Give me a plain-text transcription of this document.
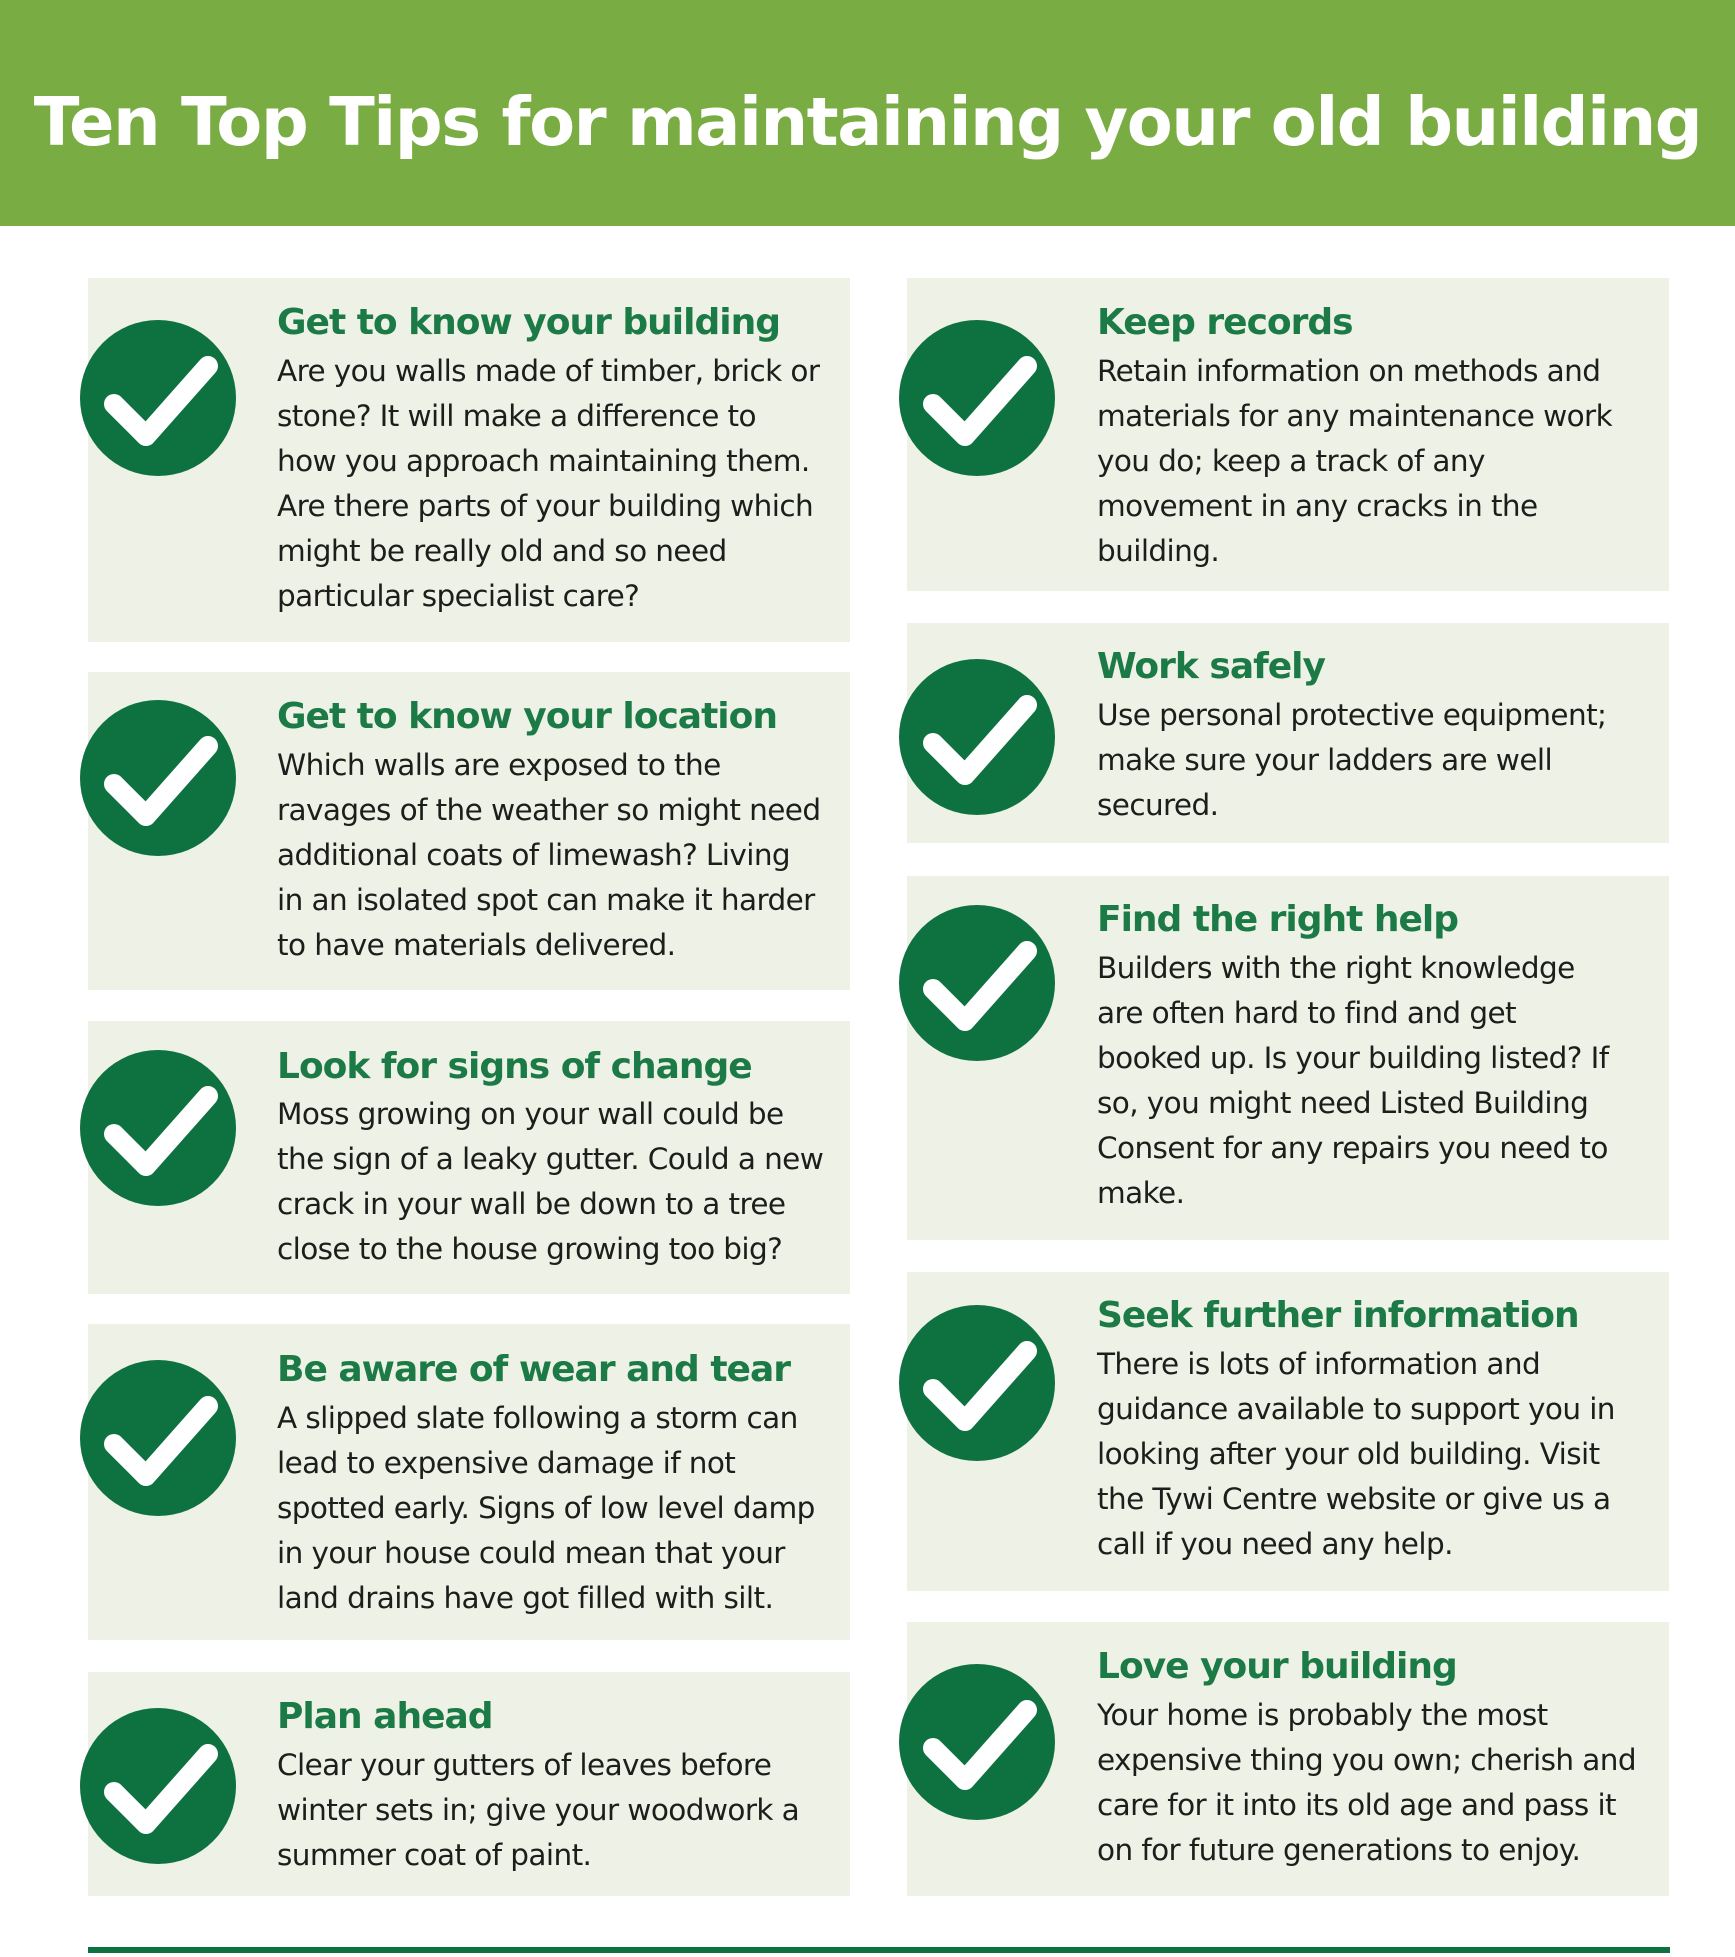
Ten Top Tips for maintaining your old building
Get to know your building
Are you walls made of timber, brick or
stone? It will make a difference to
how you approach maintaining them.
Are there parts of your building which
might be really old and so need
particular specialist care?
Get to know your location
Which walls are exposed to the
ravages of the weather so might need
additional coats of limewash? Living
in an isolated spot can make it harder
to have materials delivered.
Look for signs of change
Moss growing on your wall could be
the sign of a leaky gutter. Could a new
crack in your wall be down to a tree
close to the house growing too big?
Be aware of wear and tear
A slipped slate following a storm can
lead to expensive damage if not
spotted early. Signs of low level damp
in your house could mean that your
land drains have got filled with silt.
Plan ahead
Clear your gutters of leaves before
winter sets in; give your woodwork a
summer coat of paint.
Keep records
Retain information on methods and
materials for any maintenance work
you do; keep a track of any
movement in any cracks in the
building.
Work safely
Use personal protective equipment;
make sure your ladders are well
secured.
Find the right help
Builders with the right knowledge
are often hard to find and get
booked up. Is your building listed? If
so, you might need Listed Building
Consent for any repairs you need to
make.
Seek further information
There is lots of information and
guidance available to support you in
looking after your old building. Visit
the Tywi Centre website or give us a
call if you need any help.
Love your building
Your home is probably the most
expensive thing you own; cherish and
care for it into its old age and pass it
on for future generations to enjoy.
